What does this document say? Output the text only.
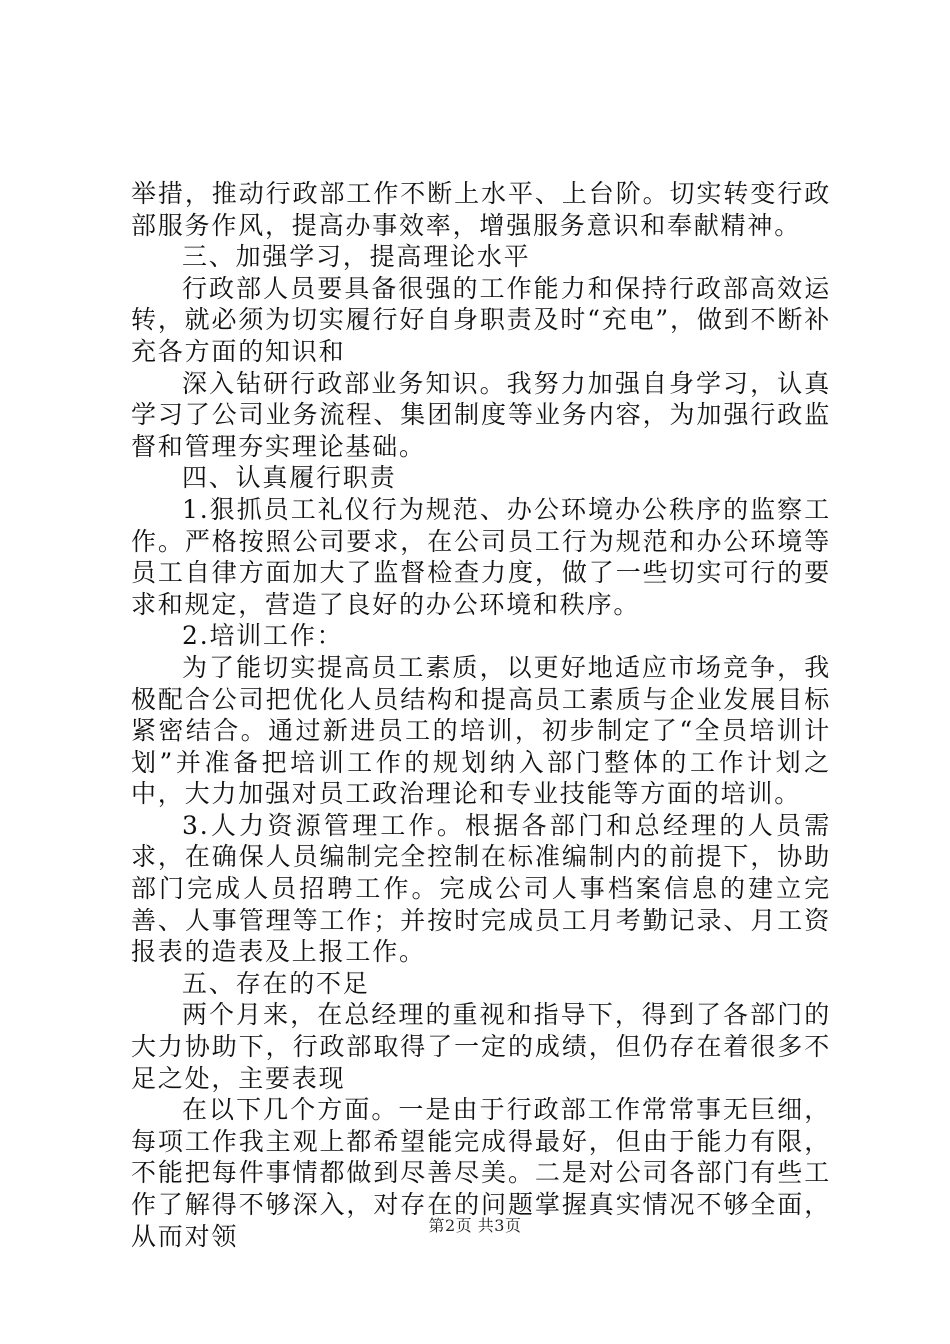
举措，推动行政部工作不断上水平、上台阶。切实转变行政部服务作风，提高办事效率，增强服务意识和奉献精神。

三、加强学习，提高理论水平

行政部人员要具备很强的工作能力和保持行政部高效运转，就必须为切实履行好自身职责及时“充电”，做到不断补充各方面的知识和

深入钻研行政部业务知识。我努力加强自身学习，认真学习了公司业务流程、集团制度等业务内容，为加强行政监督和管理夯实理论基础。

四、认真履行职责

1.狠抓员工礼仪行为规范、办公环境办公秩序的监察工作。严格按照公司要求，在公司员工行为规范和办公环境等员工自律方面加大了监督检查力度，做了一些切实可行的要求和规定，营造了良好的办公环境和秩序。

2.培训工作：

为了能切实提高员工素质，以更好地适应市场竞争，我极配合公司把优化人员结构和提高员工素质与企业发展目标紧密结合。通过新进员工的培训，初步制定了“全员培训计划”并准备把培训工作的规划纳入部门整体的工作计划之中，大力加强对员工政治理论和专业技能等方面的培训。

3.人力资源管理工作。根据各部门和总经理的人员需求，在确保人员编制完全控制在标准编制内的前提下，协助部门完成人员招聘工作。完成公司人事档案信息的建立完善、人事管理等工作；并按时完成员工月考勤记录、月工资报表的造表及上报工作。

五、存在的不足

两个月来，在总经理的重视和指导下，得到了各部门的大力协助下，行政部取得了一定的成绩，但仍存在着很多不足之处，主要表现

在以下几个方面。一是由于行政部工作常常事无巨细，每项工作我主观上都希望能完成得最好，但由于能力有限，不能把每件事情都做到尽善尽美。二是对公司各部门有些工作了解得不够深入，对存在的问题掌握真实情况不够全面，从而对领	第2页 共3页
